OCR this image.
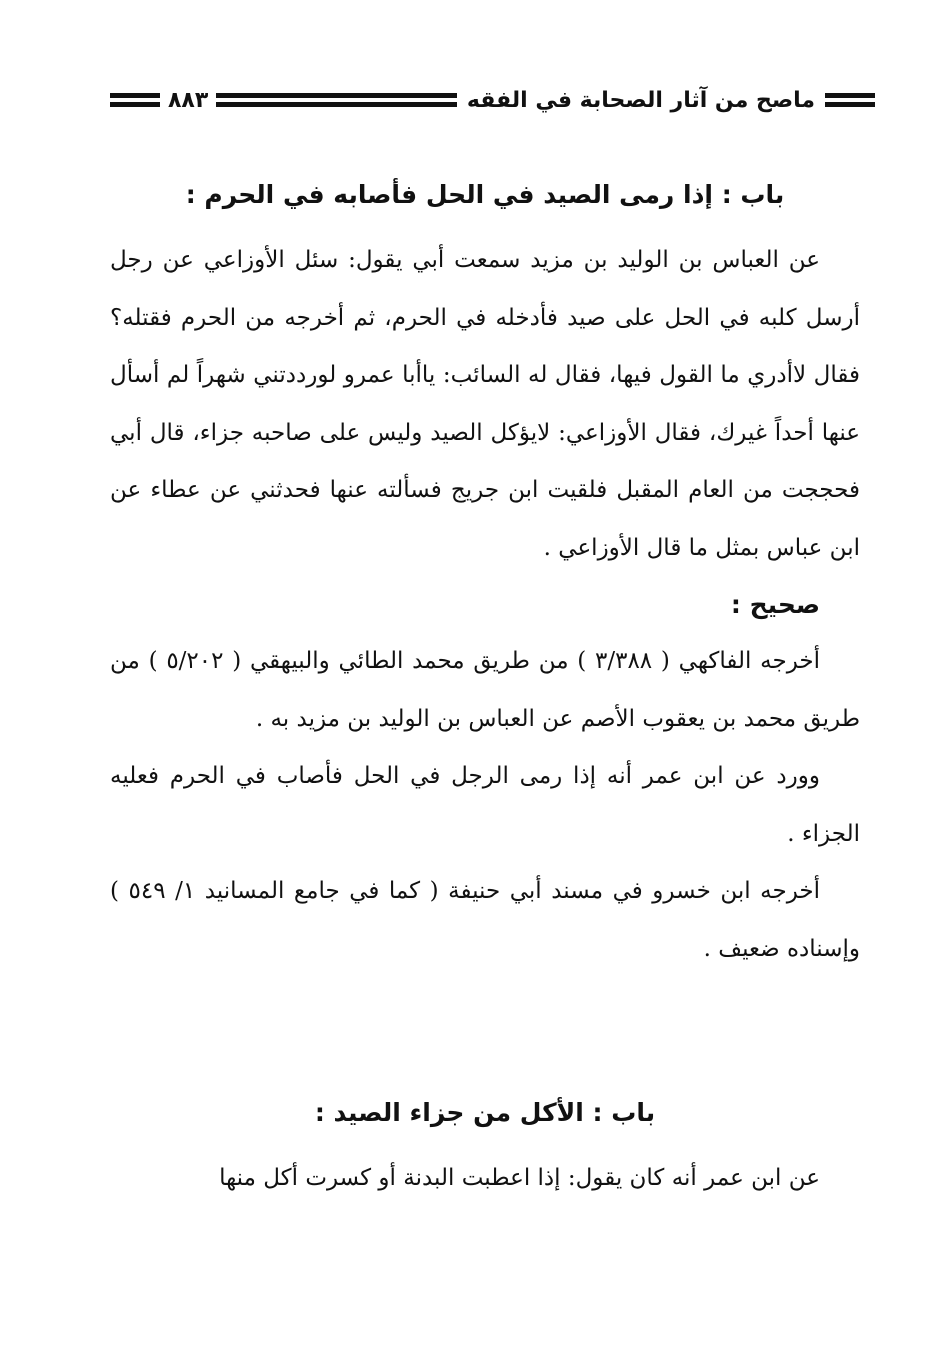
ماصح من آثار الصحابة في الفقه
٨٨٣
باب : إذا رمى الصيد في الحل فأصابه في الحرم :

عن العباس بن الوليد بن مزيد سمعت أبي يقول: سئل الأوزاعي عن رجل أرسل كلبه في الحل على صيد فأدخله في الحرم، ثم أخرجه من الحرم فقتله؟ فقال لاأدري ما القول فيها، فقال له السائب: ياأبا عمرو لورددتني شهراً لم أسأل عنها أحداً غيرك، فقال الأوزاعي: لايؤكل الصيد وليس على صاحبه جزاء، قال أبي فحججت من العام المقبل فلقيت ابن جريج فسألته عنها فحدثني عن عطاء عن ابن عباس بمثل ما قال الأوزاعي .

صحيح :

أخرجه الفاكهي ( ٣/٣٨٨ ) من طريق محمد الطائي والبيهقي ( ٥/٢٠٢ ) من طريق محمد بن يعقوب الأصم عن العباس بن الوليد بن مزيد به .

وورد عن ابن عمر أنه إذا رمى الرجل في الحل فأصاب في الحرم فعليه الجزاء .

أخرجه ابن خسرو في مسند أبي حنيفة ( كما في جامع المسانيد ١/ ٥٤٩ ) وإسناده ضعيف .

باب : الأكل من جزاء الصيد :

عن ابن عمر أنه كان يقول: إذا اعطبت البدنة أو كسرت أكل منها
